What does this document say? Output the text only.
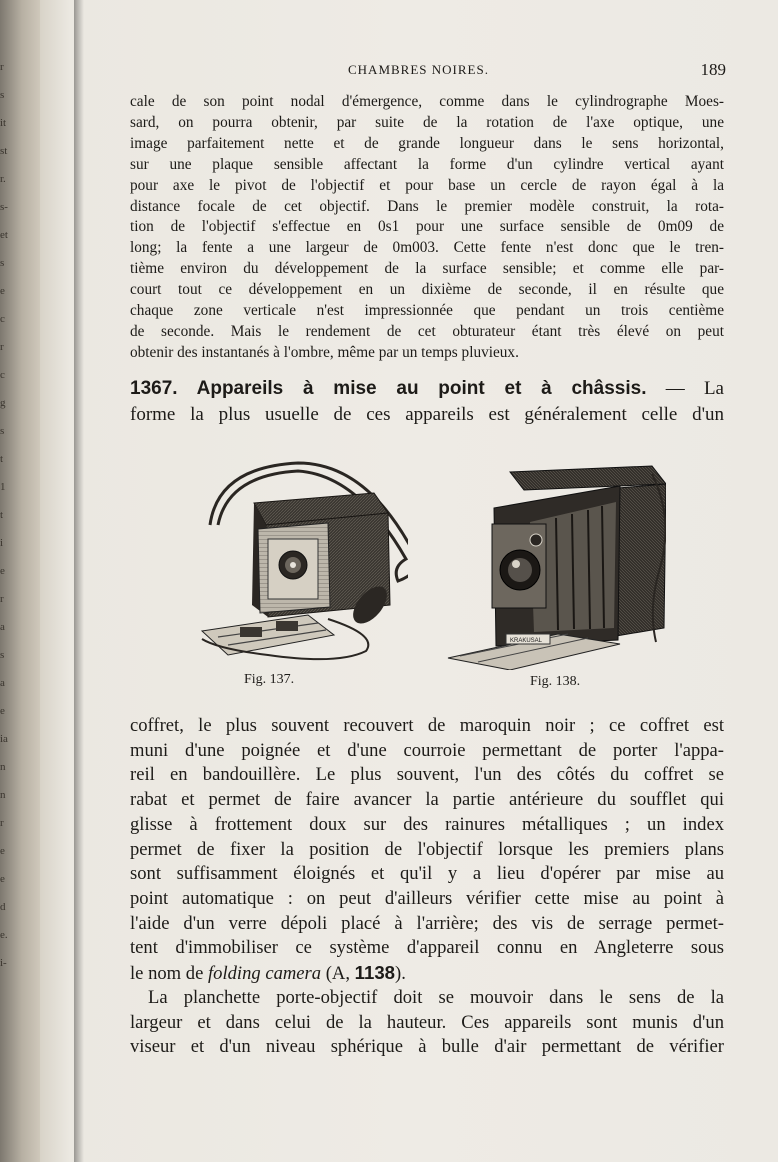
r
s
it
st
r.
s-
et
s
e
c
r
c
g
s
t
1
t
i
e
r
a
s
a
e
ia
n
n
r
e
e
d
e.
i-
CHAMBRES NOIRES.	189
cale de son point nodal d'émergence, comme dans le cylindrographe Moes-
sard, on pourra obtenir, par suite de la rotation de l'axe optique, une
image parfaitement nette et de grande longueur dans le sens horizontal,
sur une plaque sensible affectant la forme d'un cylindre vertical ayant
pour axe le pivot de l'objectif et pour base un cercle de rayon égal à la
distance focale de cet objectif. Dans le premier modèle construit, la rota-
tion de l'objectif s'effectue en 0s1 pour une surface sensible de 0m09 de
long; la fente a une largeur de 0m003. Cette fente n'est donc que le tren-
tième environ du développement de la surface sensible; et comme elle par-
court tout ce développement en un dixième de seconde, il en résulte que
chaque zone verticale n'est impressionnée que pendant un trois centième
de seconde. Mais le rendement de cet obturateur étant très élevé on peut
obtenir des instantanés à l'ombre, même par un temps pluvieux.
1367. Appareils à mise au point et à châssis. — La
forme la plus usuelle de ces appareils est généralement celle d'un
Fig. 137.
KRAKUSAL
Fig. 138.
coffret, le plus souvent recouvert de maroquin noir ; ce coffret est
muni d'une poignée et d'une courroie permettant de porter l'appa-
reil en bandouillère. Le plus souvent, l'un des côtés du coffret se
rabat et permet de faire avancer la partie antérieure du soufflet qui
glisse à frottement doux sur des rainures métalliques ; un index
permet de fixer la position de l'objectif lorsque les premiers plans
sont suffisamment éloignés et qu'il y a lieu d'opérer par mise au
point automatique : on peut d'ailleurs vérifier cette mise au point à
l'aide d'un verre dépoli placé à l'arrière; des vis de serrage permet-
tent d'immobiliser ce système d'appareil connu en Angleterre sous
le nom de folding camera (A, 1138).
La planchette porte-objectif doit se mouvoir dans le sens de la
largeur et dans celui de la hauteur. Ces appareils sont munis d'un
viseur et d'un niveau sphérique à bulle d'air permettant de vérifier
